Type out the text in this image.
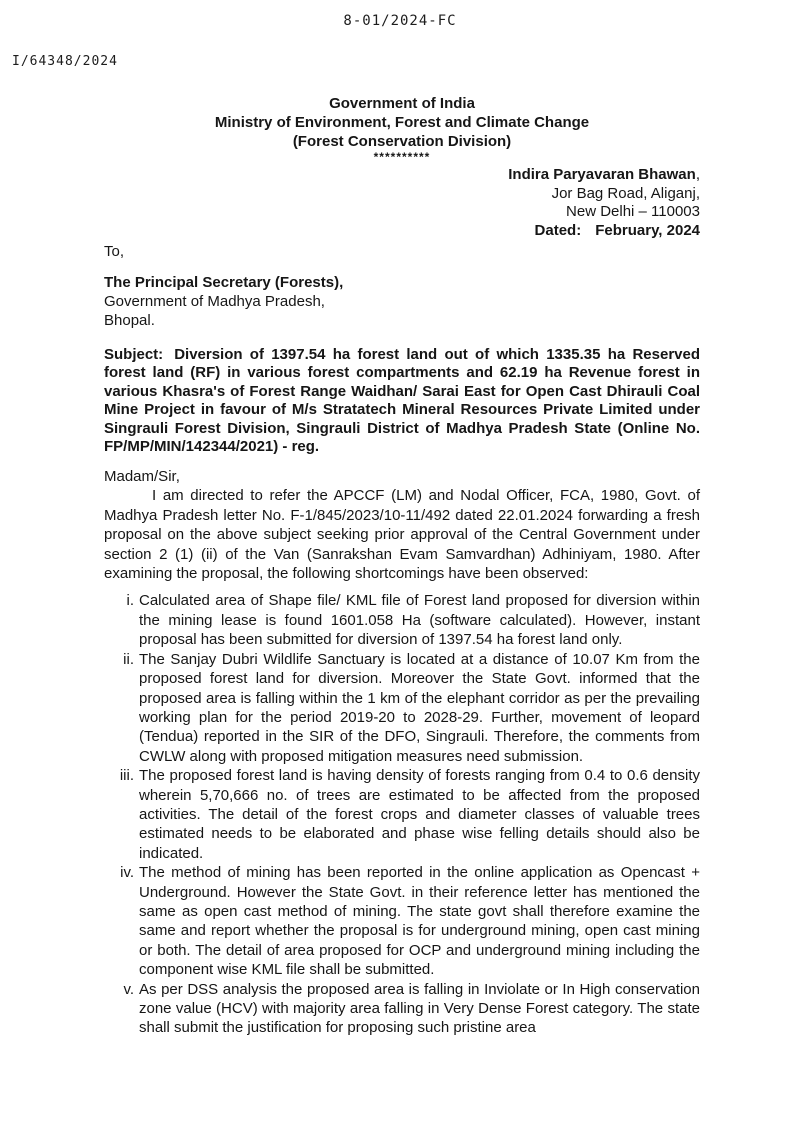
8-01/2024-FC
I/64348/2024
Government of India
Ministry of Environment, Forest and Climate Change
(Forest Conservation Division)
**********
Indira Paryavaran Bhawan,
Jor Bag Road, Aliganj,
New Delhi – 110003
Dated: February, 2024
To,
The Principal Secretary (Forests),
Government of Madhya Pradesh,
Bhopal.

Subject: Diversion of 1397.54 ha forest land out of which 1335.35 ha Reserved forest land (RF) in various forest compartments and 62.19 ha Revenue forest in various Khasra's of Forest Range Waidhan/ Sarai East for Open Cast Dhirauli Coal Mine Project in favour of M/s Stratatech Mineral Resources Private Limited under Singrauli Forest Division, Singrauli District of Madhya Pradesh State (Online No. FP/MP/MIN/142344/2021) - reg.

Madam/Sir,

I am directed to refer the APCCF (LM) and Nodal Officer, FCA, 1980, Govt. of Madhya Pradesh letter No. F-1/845/2023/10-11/492 dated 22.01.2024 forwarding a fresh proposal on the above subject seeking prior approval of the Central Government under section 2 (1) (ii) of the Van (Sanrakshan Evam Samvardhan) Adhiniyam, 1980. After examining the proposal, the following shortcomings have been observed:

i. Calculated area of Shape file/ KML file of Forest land proposed for diversion within the mining lease is found 1601.058 Ha (software calculated). However, instant proposal has been submitted for diversion of 1397.54 ha forest land only.
ii. The Sanjay Dubri Wildlife Sanctuary is located at a distance of 10.07 Km from the proposed forest land for diversion. Moreover the State Govt. informed that the proposed area is falling within the 1 km of the elephant corridor as per the prevailing working plan for the period 2019-20 to 2028-29. Further, movement of leopard (Tendua) reported in the SIR of the DFO, Singrauli. Therefore, the comments from CWLW along with proposed mitigation measures need submission.
iii. The proposed forest land is having density of forests ranging from 0.4 to 0.6 density wherein 5,70,666 no. of trees are estimated to be affected from the proposed activities. The detail of the forest crops and diameter classes of valuable trees estimated needs to be elaborated and phase wise felling details should also be indicated.
iv. The method of mining has been reported in the online application as Opencast + Underground. However the State Govt. in their reference letter has mentioned the same as open cast method of mining. The state govt shall therefore examine the same and report whether the proposal is for underground mining, open cast mining or both. The detail of area proposed for OCP and underground mining including the component wise KML file shall be submitted.
v. As per DSS analysis the proposed area is falling in Inviolate or In High conservation zone value (HCV) with majority area falling in Very Dense Forest category. The state shall submit the justification for proposing such pristine area
